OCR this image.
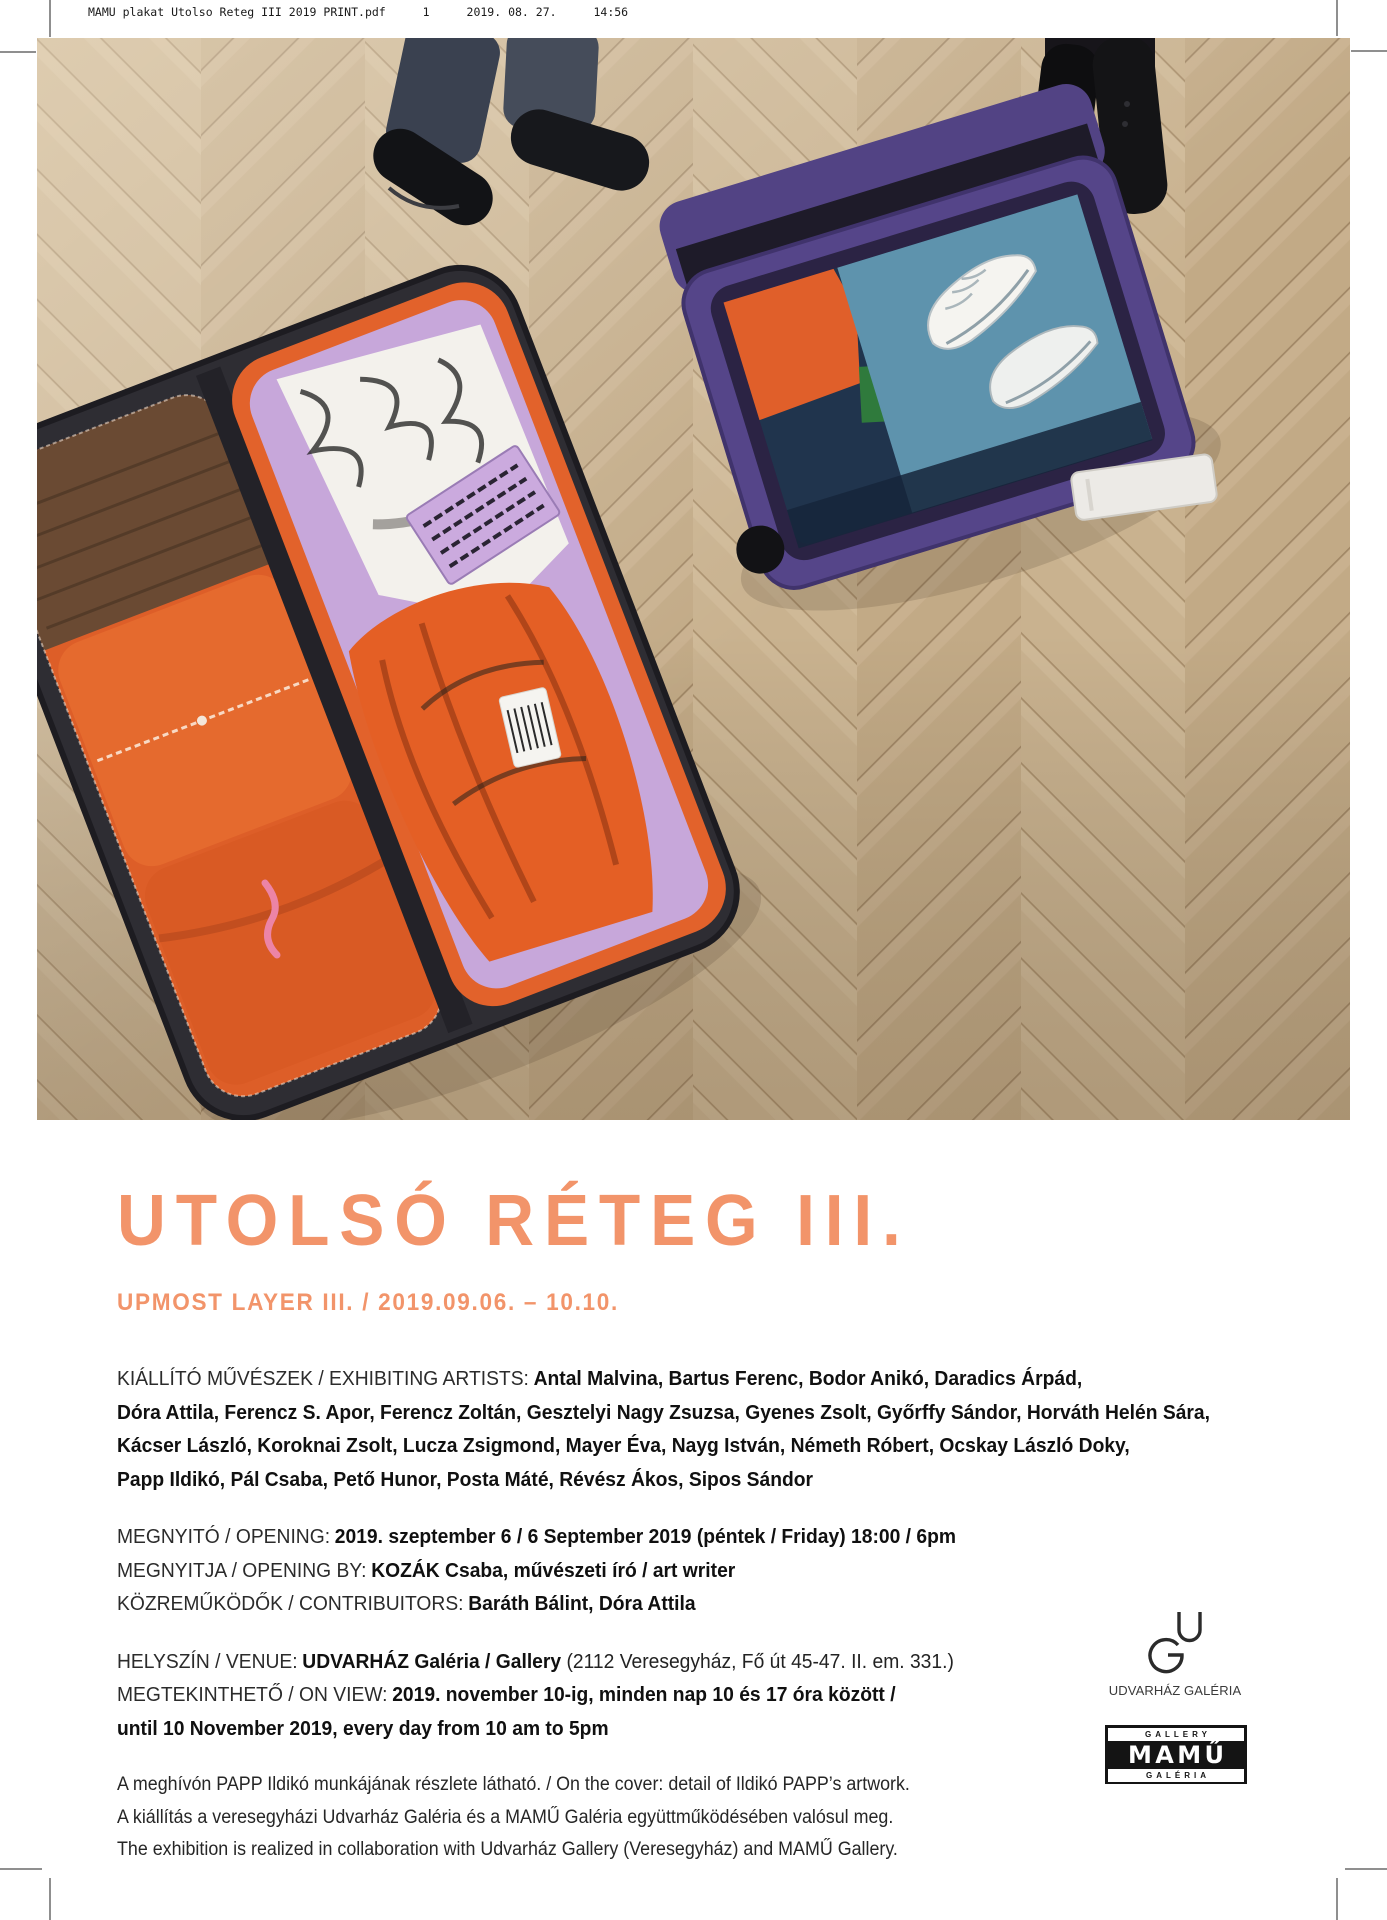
MAMU plakat Utolso Reteg III 2019 PRINT.pdf	1	2019. 08. 27.	14:56
UTOLSÓ RÉTEG III.
UPMOST LAYER III. / 2019.09.06. – 10.10.

KIÁLLÍTÓ MŰVÉSZEK / EXHIBITING ARTISTS: Antal Malvina, Bartus Ferenc, Bodor Anikó, Daradics Árpád,
Dóra Attila, Ferencz S. Apor, Ferencz Zoltán, Gesztelyi Nagy Zsuzsa, Gyenes Zsolt, Győrffy Sándor, Horváth Helén Sára,
Kácser László, Koroknai Zsolt, Lucza Zsigmond, Mayer Éva, Nayg István, Németh Róbert, Ocskay László Doky,
Papp Ildikó, Pál Csaba, Pető Hunor, Posta Máté, Révész Ákos, Sipos Sándor

MEGNYITÓ / OPENING: 2019. szeptember 6 / 6 September 2019 (péntek / Friday) 18:00 / 6pm
MEGNYITJA / OPENING BY: KOZÁK Csaba, művészeti író / art writer
KÖZREMŰKÖDŐK / CONTRIBUITORS: Baráth Bálint, Dóra Attila

HELYSZÍN / VENUE: UDVARHÁZ Galéria / Gallery (2112 Veresegyház, Fő út 45-47. II. em. 331.)
MEGTEKINTHETŐ / ON VIEW: 2019. november 10-ig, minden nap 10 és 17 óra között /
until 10 November 2019, every day from 10 am to 5pm

A meghívón PAPP Ildikó munkájának részlete látható. / On the cover: detail of Ildikó PAPP’s artwork.
A kiállítás a veresegyházi Udvarház Galéria és a MAMŰ Galéria együttműködésében valósul meg.
The exhibition is realized in collaboration with Udvarház Gallery (Veresegyház) and MAMŰ Gallery.

UDVARHÁZ GALÉRIA
GALLERY
MAMŰ
GALÉRIA
